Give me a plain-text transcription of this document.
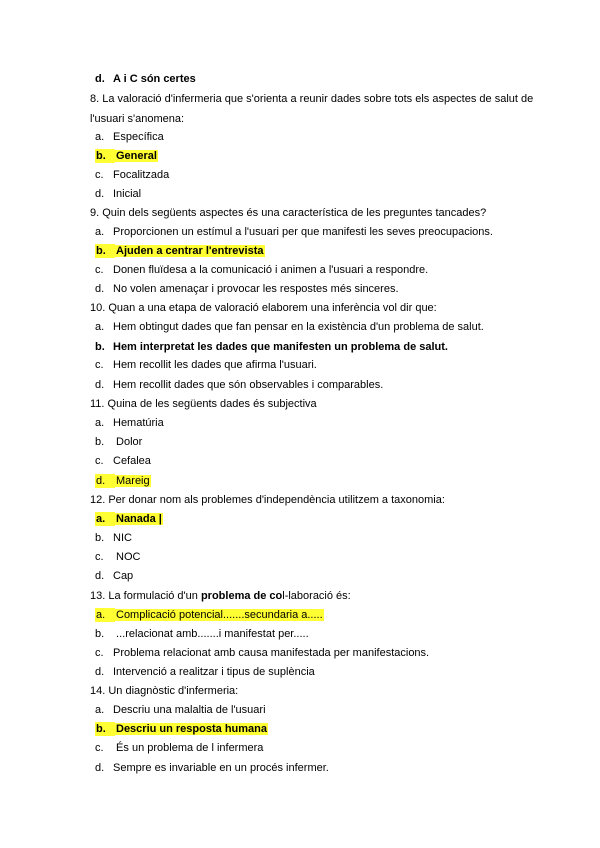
d. A i C són certes
8. La valoració d'infermeria que s'orienta a reunir dades sobre tots els aspectes de salut de
l'usuari s'anomena:
a. Específica
b. General
c. Focalitzada
d. Inicial
9. Quin dels següents aspectes és una característica de les preguntes tancades?
a. Proporcionen un estímul a l'usuari per que manifesti les seves preocupacions.
b. Ajuden a centrar l'entrevista
c. Donen fluïdesa a la comunicació i animen a l'usuari a respondre.
d. No volen amenaçar i provocar les respostes més sinceres.
10. Quan a una etapa de valoració elaborem una inferència vol dir que:
a. Hem obtingut dades que fan pensar en la existència d'un problema de salut.
b. Hem interpretat les dades que manifesten un problema de salut.
c. Hem recollit les dades que afirma l'usuari.
d. Hem recollit dades que són observables i comparables.
11. Quina de les següents dades és subjectiva
a. Hematúria
b. Dolor
c. Cefalea
d. Mareig
12. Per donar nom als problemes d'independència utilitzem a taxonomia:
a. Nanada |
b. NIC
c. NOC
d. Cap
13. La formulació d'un problema de col-laboració és:
a. Complicació potencial.......secundaria a.....
b. ...relacionat amb.......i manifestat per.....
c. Problema relacionat amb causa manifestada per manifestacions.
d. Intervenció a realitzar i tipus de suplència
14. Un diagnòstic d'infermeria:
a. Descriu una malaltia de l'usuari
b. Descriu un resposta humana
c. És un problema de l infermera
d. Sempre es invariable en un procés infermer.
